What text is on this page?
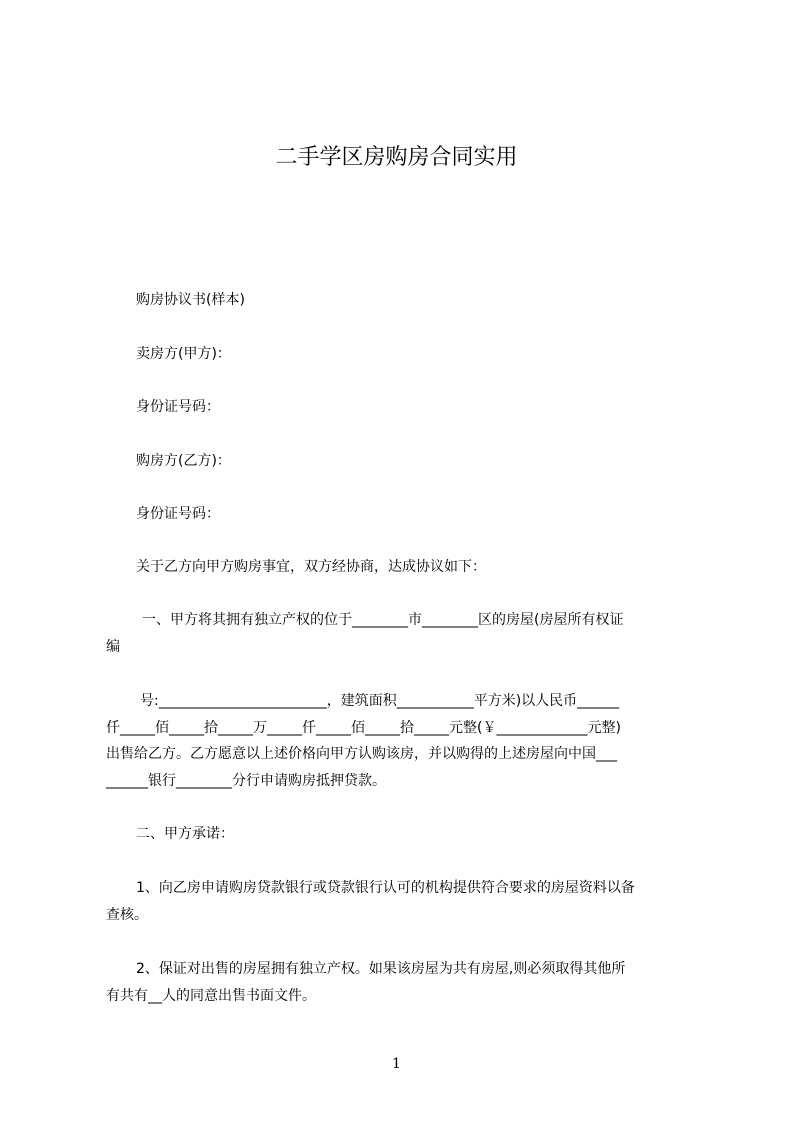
二手学区房购房合同实用
购房协议书(样本)
卖房方(甲方)：
身份证号码：
购房方(乙方)：
身份证号码：
关于乙方向甲方购房事宜，双方经协商，达成协议如下：
一、甲方将其拥有独立产权的位于________市________区的房屋(房屋所有权证
编
号:________________________，建筑面积___________平方米)以人民币______
仟_____佰_____拾_____万_____仟_____佰_____拾_____元整(￥_____________元整)
出售给乙方。乙方愿意以上述价格向甲方认购该房，并以购得的上述房屋向中国___
______银行________分行申请购房抵押贷款。
二、甲方承诺：
1、向乙房申请购房贷款银行或贷款银行认可的机构提供符合要求的房屋资料以备
查核。
2、保证对出售的房屋拥有独立产权。如果该房屋为共有房屋,则必须取得其他所
有共有__人的同意出售书面文件。
1
